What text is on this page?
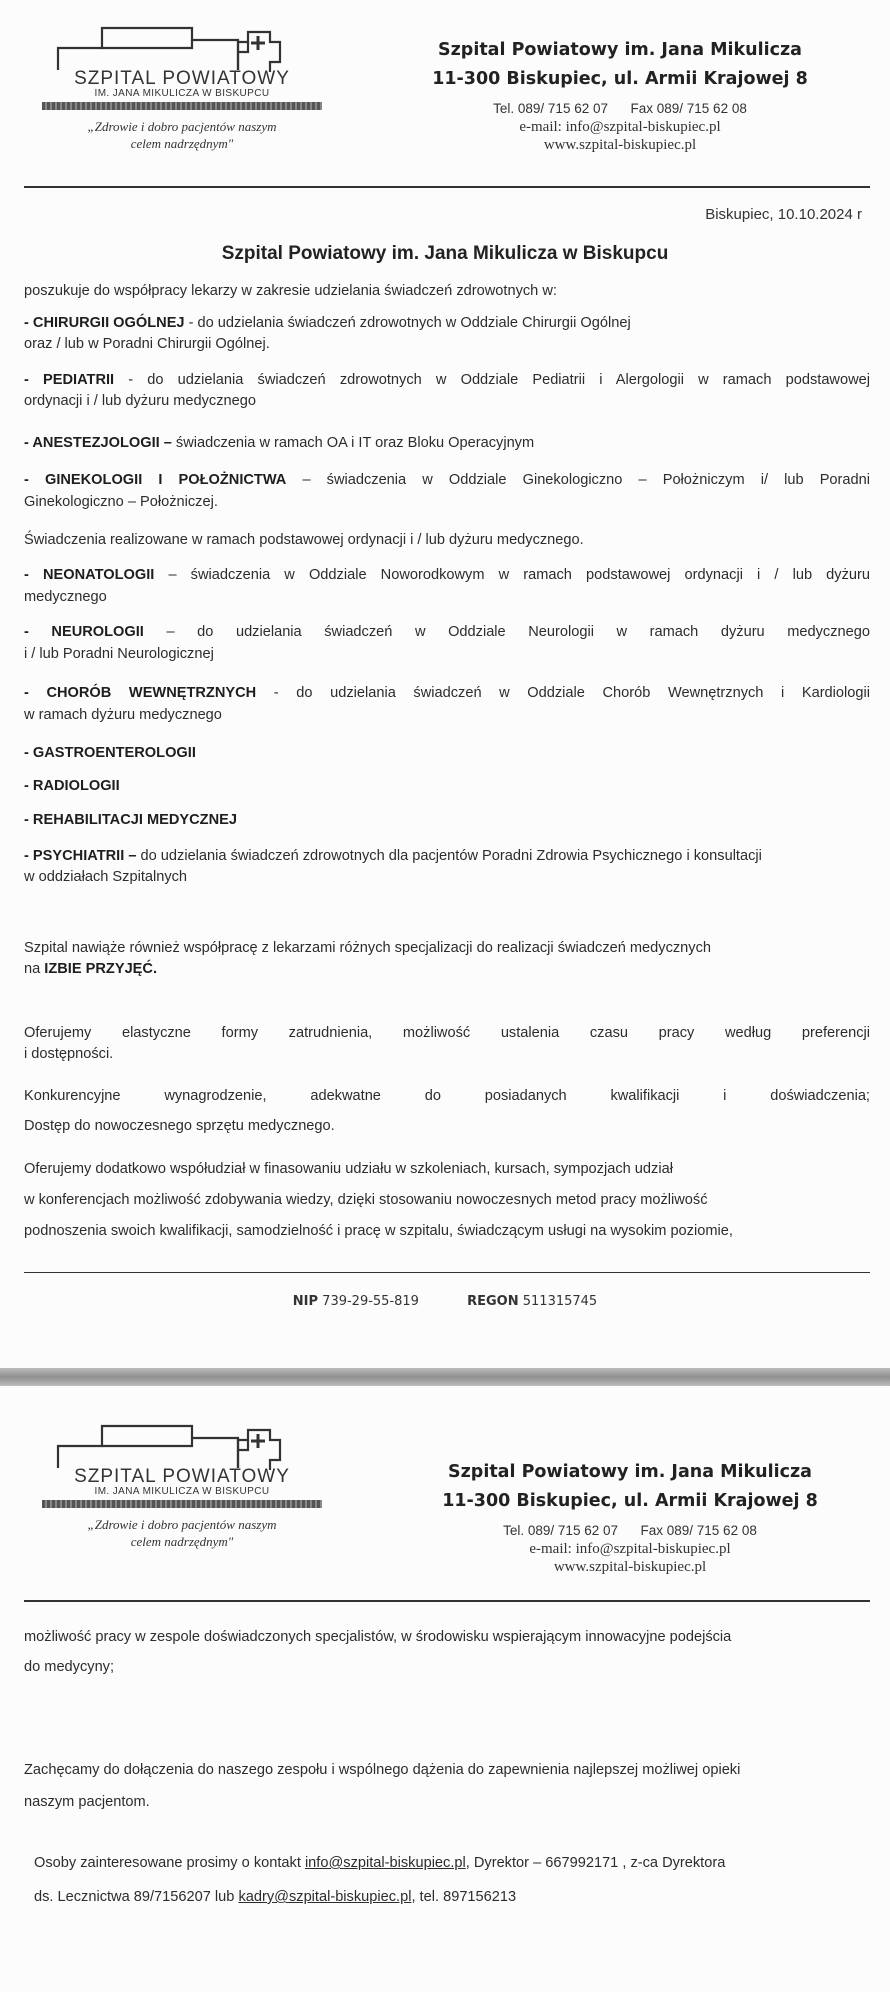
SZPITAL POWIATOWY
IM. JANA MIKULICZA W BISKUPCU
„Zdrowie i dobro pacjentów naszym
celem nadrzędnym"
Szpital Powiatowy im. Jana Mikulicza
11-300 Biskupiec, ul. Armii Krajowej 8
Tel. 089/ 715 62 07 Fax 089/ 715 62 08
e-mail: info@szpital-biskupiec.pl
www.szpital-biskupiec.pl
Biskupiec, 10.10.2024 r
Szpital Powiatowy im. Jana Mikulicza w Biskupcu
poszukuje do współpracy lekarzy w zakresie udzielania świadczeń zdrowotnych w:
- CHIRURGII OGÓLNEJ - do udzielania świadczeń zdrowotnych w Oddziale Chirurgii Ogólnej
oraz / lub w Poradni Chirurgii Ogólnej.
- PEDIATRII - do udzielania świadczeń zdrowotnych w Oddziale Pediatrii i Alergologii w ramach podstawowej
ordynacji i / lub dyżuru medycznego
- ANESTEZJOLOGII – świadczenia w ramach OA i IT oraz Bloku Operacyjnym
- GINEKOLOGII I POŁOŻNICTWA – świadczenia w Oddziale Ginekologiczno – Położniczym i/ lub Poradni
Ginekologiczno – Położniczej.
Świadczenia realizowane w ramach podstawowej ordynacji i / lub dyżuru medycznego.
- NEONATOLOGII – świadczenia w Oddziale Noworodkowym w ramach podstawowej ordynacji i / lub dyżuru
medycznego
- NEUROLOGII – do udzielania świadczeń w Oddziale Neurologii w ramach dyżuru medycznego
i / lub Poradni Neurologicznej
- CHORÓB WEWNĘTRZNYCH - do udzielania świadczeń w Oddziale Chorób Wewnętrznych i Kardiologii
w ramach dyżuru medycznego
- GASTROENTEROLOGII
- RADIOLOGII
- REHABILITACJI MEDYCZNEJ
- PSYCHIATRII – do udzielania świadczeń zdrowotnych dla pacjentów Poradni Zdrowia Psychicznego i konsultacji
w oddziałach Szpitalnych
Szpital nawiąże również współpracę z lekarzami różnych specjalizacji do realizacji świadczeń medycznych
na IZBIE PRZYJĘĆ.
Oferujemy elastyczne formy zatrudnienia, możliwość ustalenia czasu pracy według preferencji
i dostępności.
Konkurencyjne wynagrodzenie, adekwatne do posiadanych kwalifikacji i doświadczenia;
Dostęp do nowoczesnego sprzętu medycznego.
Oferujemy dodatkowo współudział w finasowaniu udziału w szkoleniach, kursach, sympozjach udział
w konferencjach możliwość zdobywania wiedzy, dzięki stosowaniu nowoczesnych metod pracy możliwość
podnoszenia swoich kwalifikacji, samodzielność i pracę w szpitalu, świadczącym usługi na wysokim poziomie,
NIP 739-29-55-819	REGON 511315745
SZPITAL POWIATOWY
IM. JANA MIKULICZA W BISKUPCU
„Zdrowie i dobro pacjentów naszym
celem nadrzędnym"
Szpital Powiatowy im. Jana Mikulicza
11-300 Biskupiec, ul. Armii Krajowej 8
Tel. 089/ 715 62 07 Fax 089/ 715 62 08
e-mail: info@szpital-biskupiec.pl
www.szpital-biskupiec.pl
możliwość pracy w zespole doświadczonych specjalistów, w środowisku wspierającym innowacyjne podejścia
do medycyny;
Zachęcamy do dołączenia do naszego zespołu i wspólnego dążenia do zapewnienia najlepszej możliwej opieki
naszym pacjentom.
Osoby zainteresowane prosimy o kontakt info@szpital-biskupiec.pl, Dyrektor – 667992171 , z-ca Dyrektora
ds. Lecznictwa 89/7156207 lub kadry@szpital-biskupiec.pl, tel. 897156213
